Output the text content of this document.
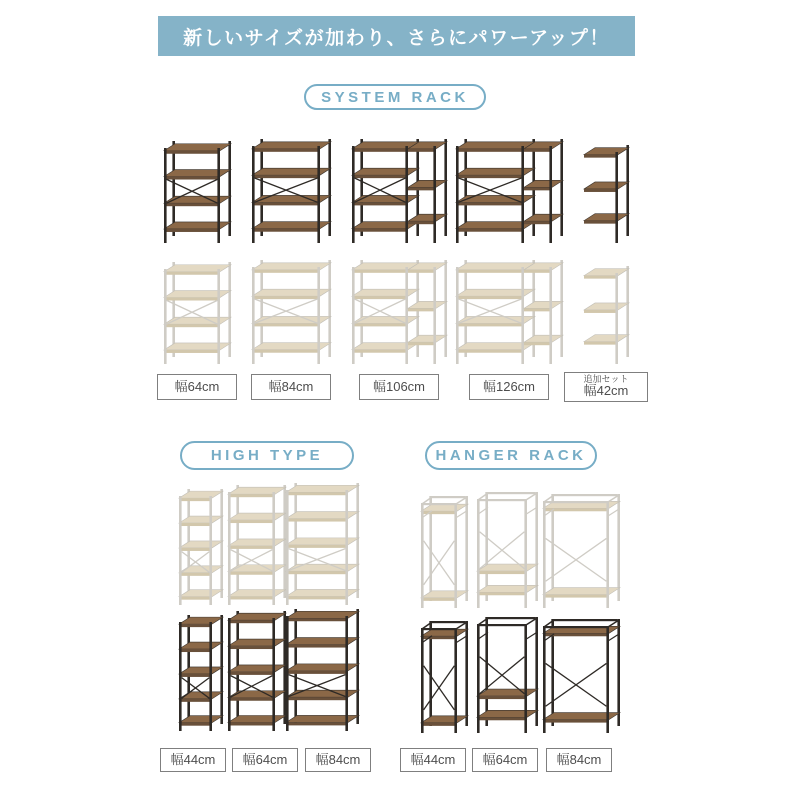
新しいサイズが加わり、さらにパワーアップ！
SYSTEM RACK
HIGH TYPE	HANGER RACK
幅64cm	幅84cm	幅106cm	幅126cm	追加セット
幅42cm
幅44cm 幅64cm 幅84cm	幅44cm 幅64cm 幅84cm
